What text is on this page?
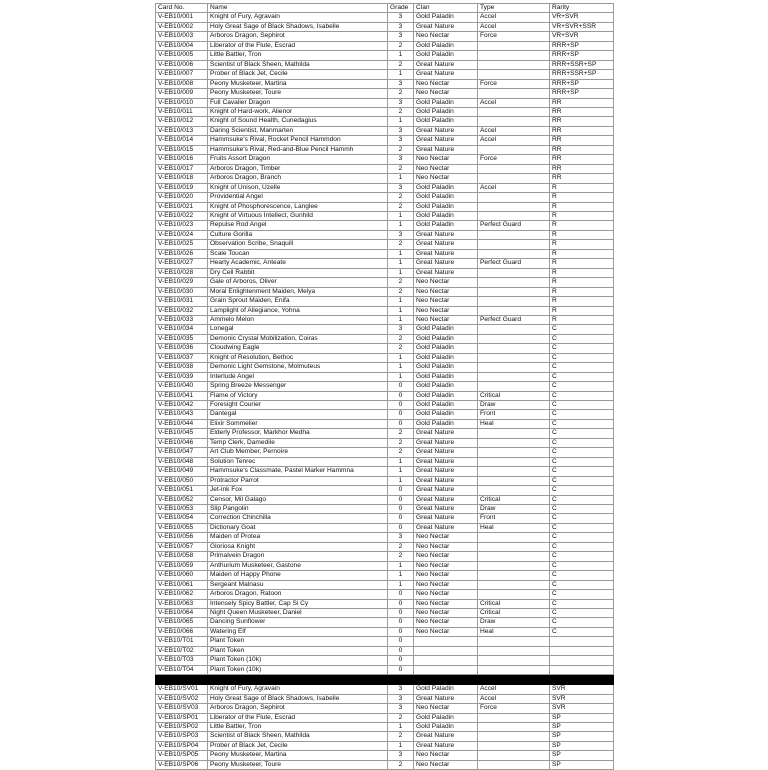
Card No.	Name	Grade	Clan	Type	Rarity
V-EB10/001	Knight of Fury, Agravain	3	Gold Paladin	Accel	VR+SVR
V-EB10/002	Holy Great Sage of Black Shadows, Isabelle	3	Great Nature	Accel	VR+SVR+SSR
V-EB10/003	Arboros Dragon, Sephirot	3	Neo Nectar	Force	VR+SVR
V-EB10/004	Liberator of the Flute, Escrad	2	Gold Paladin		RRR+SP
V-EB10/005	Little Battler, Tron	1	Gold Paladin		RRR+SP
V-EB10/006	Scientist of Black Sheen, Mathilda	2	Great Nature		RRR+SSR+SP
V-EB10/007	Prober of Black Jet, Cecile	1	Great Nature		RRR+SSR+SP
V-EB10/008	Peony Musketeer, Martina	3	Neo Nectar	Force	RRR+SP
V-EB10/009	Peony Musketeer, Toure	2	Neo Nectar		RRR+SP
V-EB10/010	Full Cavalier Dragon	3	Gold Paladin	Accel	RR
V-EB10/011	Knight of Hard-work, Alienor	2	Gold Paladin		RR
V-EB10/012	Knight of Sound Health, Cunedagius	1	Gold Paladin		RR
V-EB10/013	Daring Scientist, Manmarten	3	Great Nature	Accel	RR
V-EB10/014	Hammsuke's Rival, Rocket Pencil Hammdon	3	Great Nature	Accel	RR
V-EB10/015	Hammsuke's Rival, Red-and-Blue Pencil Hammh	2	Great Nature		RR
V-EB10/016	Fruits Assort Dragon	3	Neo Nectar	Force	RR
V-EB10/017	Arboros Dragon, Timber	2	Neo Nectar		RR
V-EB10/018	Arboros Dragon, Branch	1	Neo Nectar		RR
V-EB10/019	Knight of Unison, Uzelle	3	Gold Paladin	Accel	R
V-EB10/020	Providential Angel	2	Gold Paladin		R
V-EB10/021	Knight of Phosphorescence, Langlee	2	Gold Paladin		R
V-EB10/022	Knight of Virtuous Intellect, Gunhild	1	Gold Paladin		R
V-EB10/023	Repulse Rod Angel	1	Gold Paladin	Perfect Guard	R
V-EB10/024	Culture Gorilla	3	Great Nature		R
V-EB10/025	Observation Scribe, Snaquill	2	Great Nature		R
V-EB10/026	Scale Toucan	1	Great Nature		R
V-EB10/027	Hearty Academic, Anteate	1	Great Nature	Perfect Guard	R
V-EB10/028	Dry Cell Rabbit	1	Great Nature		R
V-EB10/029	Gale of Arboros, Oliver	2	Neo Nectar		R
V-EB10/030	Moral Enlightenment Maiden, Melya	2	Neo Nectar		R
V-EB10/031	Grain Sprout Maiden, Enifa	1	Neo Nectar		R
V-EB10/032	Lamplight of Allegiance, Yohna	1	Neo Nectar		R
V-EB10/033	Ammelo Melon	1	Neo Nectar	Perfect Guard	R
V-EB10/034	Lonegal	3	Gold Paladin		C
V-EB10/035	Demonic Crystal Mobilization, Coiras	2	Gold Paladin		C
V-EB10/036	Cloudwing Eagle	2	Gold Paladin		C
V-EB10/037	Knight of Resolution, Bethoc	1	Gold Paladin		C
V-EB10/038	Demonic Light Gemstone, Molmuteus	1	Gold Paladin		C
V-EB10/039	Interlude Angel	1	Gold Paladin		C
V-EB10/040	Spring Breeze Messenger	0	Gold Paladin		C
V-EB10/041	Flame of Victory	0	Gold Paladin	Critical	C
V-EB10/042	Foresight Courier	0	Gold Paladin	Draw	C
V-EB10/043	Dantegal	0	Gold Paladin	Front	C
V-EB10/044	Elixir Sommelier	0	Gold Paladin	Heal	C
V-EB10/045	Elderly Professor, Markhor Medha	2	Great Nature		C
V-EB10/046	Temp Clerk, Damedile	2	Great Nature		C
V-EB10/047	Art Club Member, Pernoire	2	Great Nature		C
V-EB10/048	Solution Tenrec	1	Great Nature		C
V-EB10/049	Hammsuke's Classmate, Pastel Marker Hammna	1	Great Nature		C
V-EB10/050	Protractor Parrot	1	Great Nature		C
V-EB10/051	Jet-ink Fox	0	Great Nature		C
V-EB10/052	Censor, Mil Galago	0	Great Nature	Critical	C
V-EB10/053	Slip Pangolin	0	Great Nature	Draw	C
V-EB10/054	Correction Chinchilla	0	Great Nature	Front	C
V-EB10/055	Dictionary Goat	0	Great Nature	Heal	C
V-EB10/056	Maiden of Protea	3	Neo Nectar		C
V-EB10/057	Gloriosa Knight	2	Neo Nectar		C
V-EB10/058	Primalvein Dragon	2	Neo Nectar		C
V-EB10/059	Anthurium Musketeer, Gastone	1	Neo Nectar		C
V-EB10/060	Maiden of Happy Phone	1	Neo Nectar		C
V-EB10/061	Sergeant Malnasu	1	Neo Nectar		C
V-EB10/062	Arboros Dragon, Ratoon	0	Neo Nectar		C
V-EB10/063	Intensely Spicy Battler, Cap Si Cy	0	Neo Nectar	Critical	C
V-EB10/064	Night Queen Musketeer, Daniel	0	Neo Nectar	Critical	C
V-EB10/065	Dancing Sunflower	0	Neo Nectar	Draw	C
V-EB10/066	Watering Elf	0	Neo Nectar	Heal	C
V-EB10/T01	Plant Token	0			
V-EB10/T02	Plant Token	0			
V-EB10/T03	Plant Token (10k)	0			
V-EB10/T04	Plant Token (10k)	0			

V-EB10/SV01	Knight of Fury, Agravain	3	Gold Paladin	Accel	SVR
V-EB10/SV02	Holy Great Sage of Black Shadows, Isabelle	3	Great Nature	Accel	SVR
V-EB10/SV03	Arboros Dragon, Sephirot	3	Neo Nectar	Force	SVR
V-EB10/SP01	Liberator of the Flute, Escrad	2	Gold Paladin		SP
V-EB10/SP02	Little Battler, Tron	1	Gold Paladin		SP
V-EB10/SP03	Scientist of Black Sheen, Mathilda	2	Great Nature		SP
V-EB10/SP04	Prober of Black Jet, Cecile	1	Great Nature		SP
V-EB10/SP05	Peony Musketeer, Martina	3	Neo Nectar		SP
V-EB10/SP06	Peony Musketeer, Toure	2	Neo Nectar		SP
